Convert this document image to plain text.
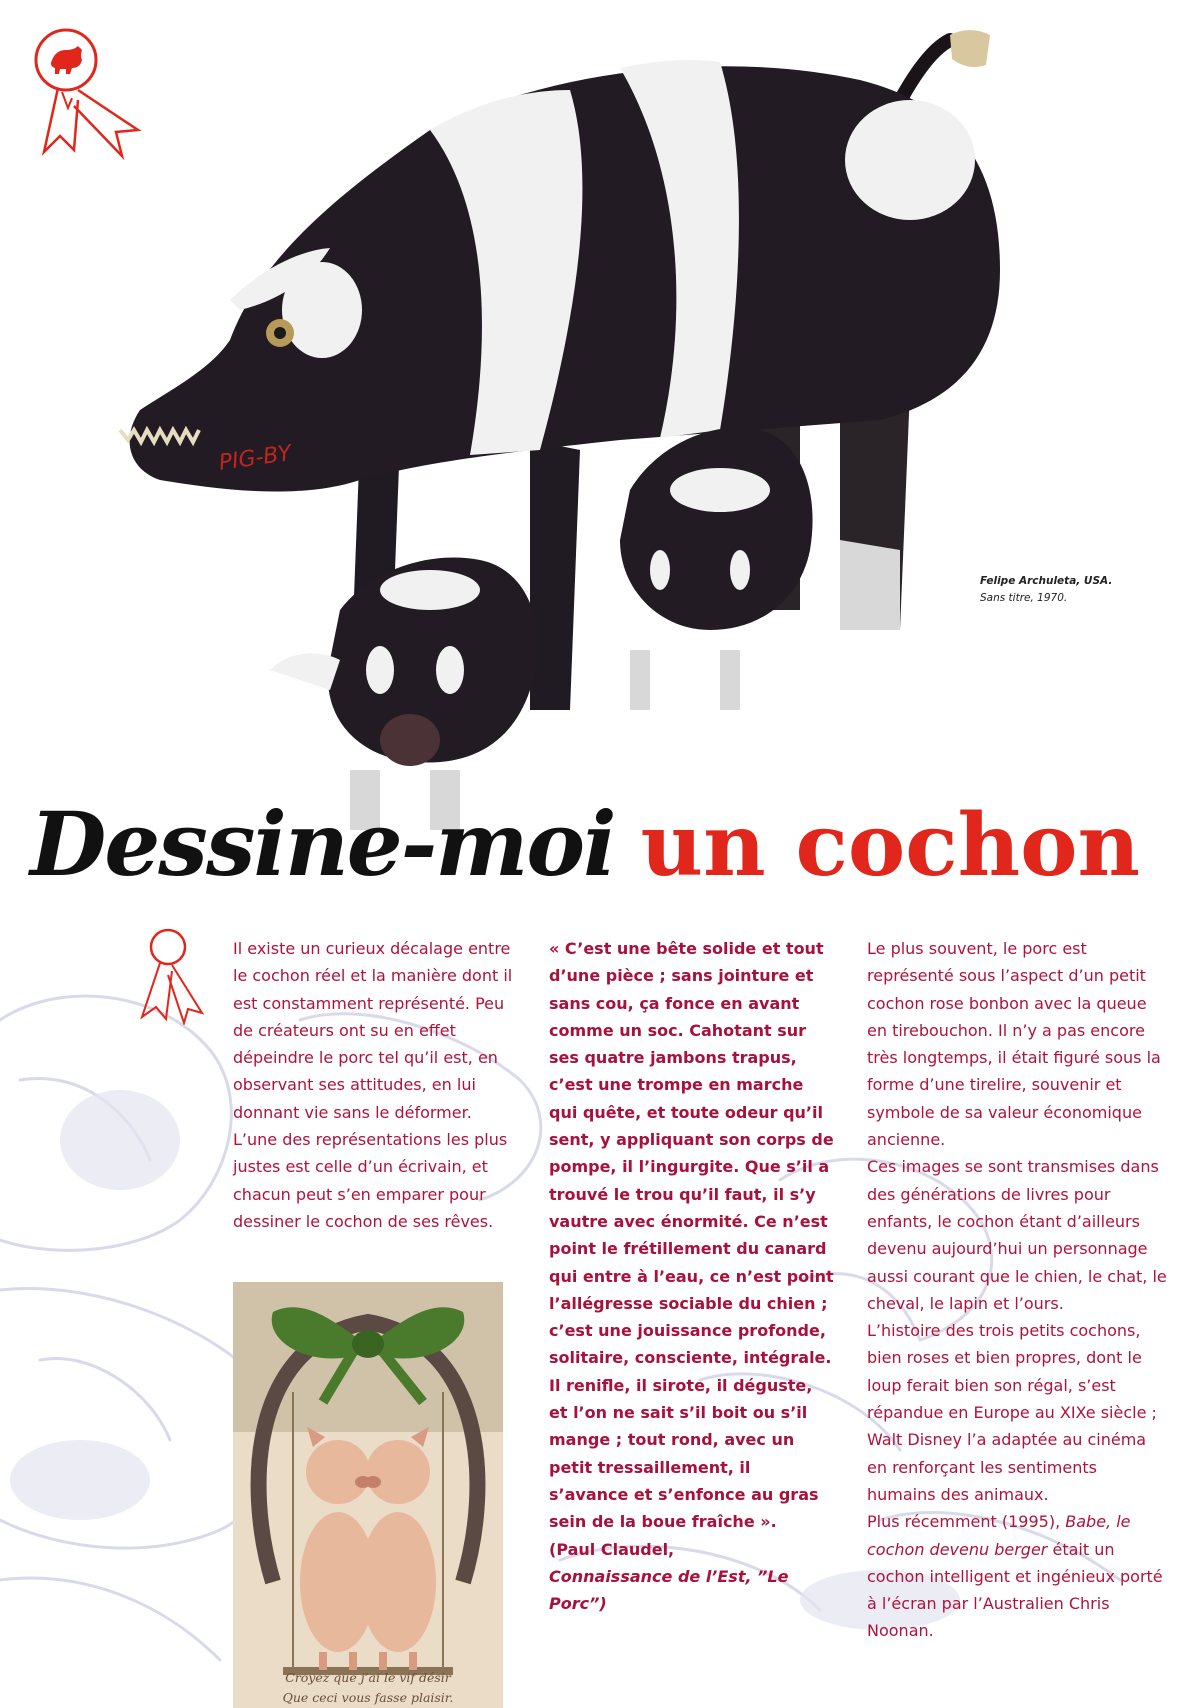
PIG-BY
Felipe Archuleta, USA.
Sans titre, 1970.
Dessine-moi un cochon

Il existe un curieux décalage entre le cochon réel et la manière dont il est constamment représenté. Peu de créateurs ont su en effet dépeindre le porc tel qu’il est, en observant ses attitudes, en lui donnant vie sans le déformer. L’une des représentations les plus justes est celle d’un écrivain, et chacun peut s’en emparer pour dessiner le cochon de ses rêves.

« C’est une bête solide et tout d’une pièce ; sans jointure et sans cou, ça fonce en avant comme un soc. Cahotant sur ses quatre jambons trapus, c’est une trompe en marche qui quête, et toute odeur qu’il sent, y appliquant son corps de pompe, il l’ingurgite. Que s’il a trouvé le trou qu’il faut, il s’y vautre avec énormité. Ce n’est point le frétillement du canard qui entre à l’eau, ce n’est point l’allégresse sociable du chien ; c’est une jouissance profonde, solitaire, consciente, intégrale. Il renifle, il sirote, il déguste, et l’on ne sait s’il boit ou s’il mange ; tout rond, avec un petit tressaillement, il s’avance et s’enfonce au gras sein de la boue fraîche ».

(Paul Claudel,

Connaissance de l’Est, ”Le Porc”)

Le plus souvent, le porc est représenté sous l’aspect d’un petit cochon rose bonbon avec la queue en tirebouchon. Il n’y a pas encore très longtemps, il était figuré sous la forme d’une tirelire, souvenir et symbole de sa valeur économique ancienne.

Ces images se sont transmises dans des générations de livres pour enfants, le cochon étant d’ailleurs devenu aujourd’hui un personnage aussi courant que le chien, le chat, le cheval, le lapin et l’ours.

L’histoire des trois petits cochons, bien roses et bien propres, dont le loup ferait bien son régal, s’est répandue en Europe au XIXe siècle ; Walt Disney l’a adaptée au cinéma en renforçant les sentiments humains des animaux.

Plus récemment (1995), Babe, le cochon devenu berger était un cochon intelligent et ingénieux porté à l’écran par l’Australien Chris Noonan.

Croyez que j’ai le vif désir
Que ceci vous fasse plaisir.
